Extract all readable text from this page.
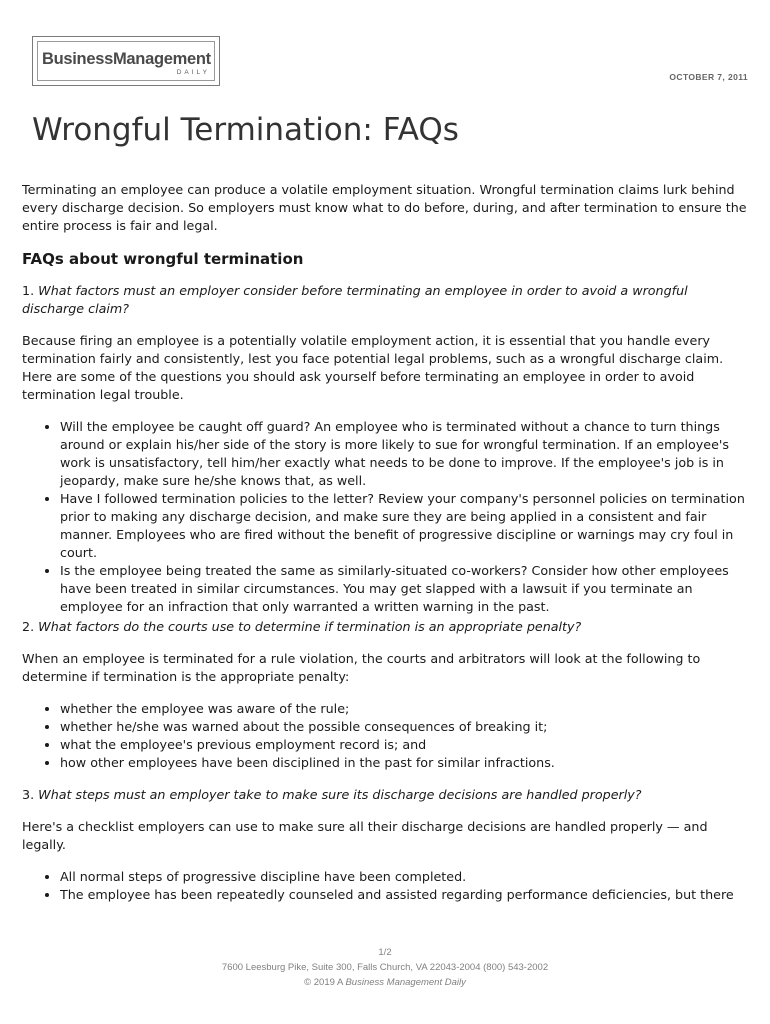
BusinessManagement
DAILY	OCTOBER 7, 2011
Wrongful Termination: FAQs

Terminating an employee can produce a volatile employment situation. Wrongful termination claims lurk behind every discharge decision. So employers must know what to do before, during, and after termination to ensure the entire process is fair and legal.

FAQs about wrongful termination

1. What factors must an employer consider before terminating an employee in order to avoid a wrongful discharge claim?

Because firing an employee is a potentially volatile employment action, it is essential that you handle every termination fairly and consistently, lest you face potential legal problems, such as a wrongful discharge claim. Here are some of the questions you should ask yourself before terminating an employee in order to avoid termination legal trouble.

• Will the employee be caught off guard? An employee who is terminated without a chance to turn things around or explain his/her side of the story is more likely to sue for wrongful termination. If an employee's work is unsatisfactory, tell him/her exactly what needs to be done to improve. If the employee's job is in jeopardy, make sure he/she knows that, as well.
• Have I followed termination policies to the letter? Review your company's personnel policies on termination prior to making any discharge decision, and make sure they are being applied in a consistent and fair manner. Employees who are fired without the benefit of progressive discipline or warnings may cry foul in court.
• Is the employee being treated the same as similarly-situated co-workers? Consider how other employees have been treated in similar circumstances. You may get slapped with a lawsuit if you terminate an employee for an infraction that only warranted a written warning in the past.

2. What factors do the courts use to determine if termination is an appropriate penalty?

When an employee is terminated for a rule violation, the courts and arbitrators will look at the following to determine if termination is the appropriate penalty:

• whether the employee was aware of the rule;
• whether he/she was warned about the possible consequences of breaking it;
• what the employee's previous employment record is; and
• how other employees have been disciplined in the past for similar infractions.

3. What steps must an employer take to make sure its discharge decisions are handled properly?

Here's a checklist employers can use to make sure all their discharge decisions are handled properly — and legally.

• All normal steps of progressive discipline have been completed.
• The employee has been repeatedly counseled and assisted regarding performance deficiencies, but there
1/2
7600 Leesburg Pike, Suite 300, Falls Church, VA 22043-2004 (800) 543-2002
© 2019 A Business Management Daily
